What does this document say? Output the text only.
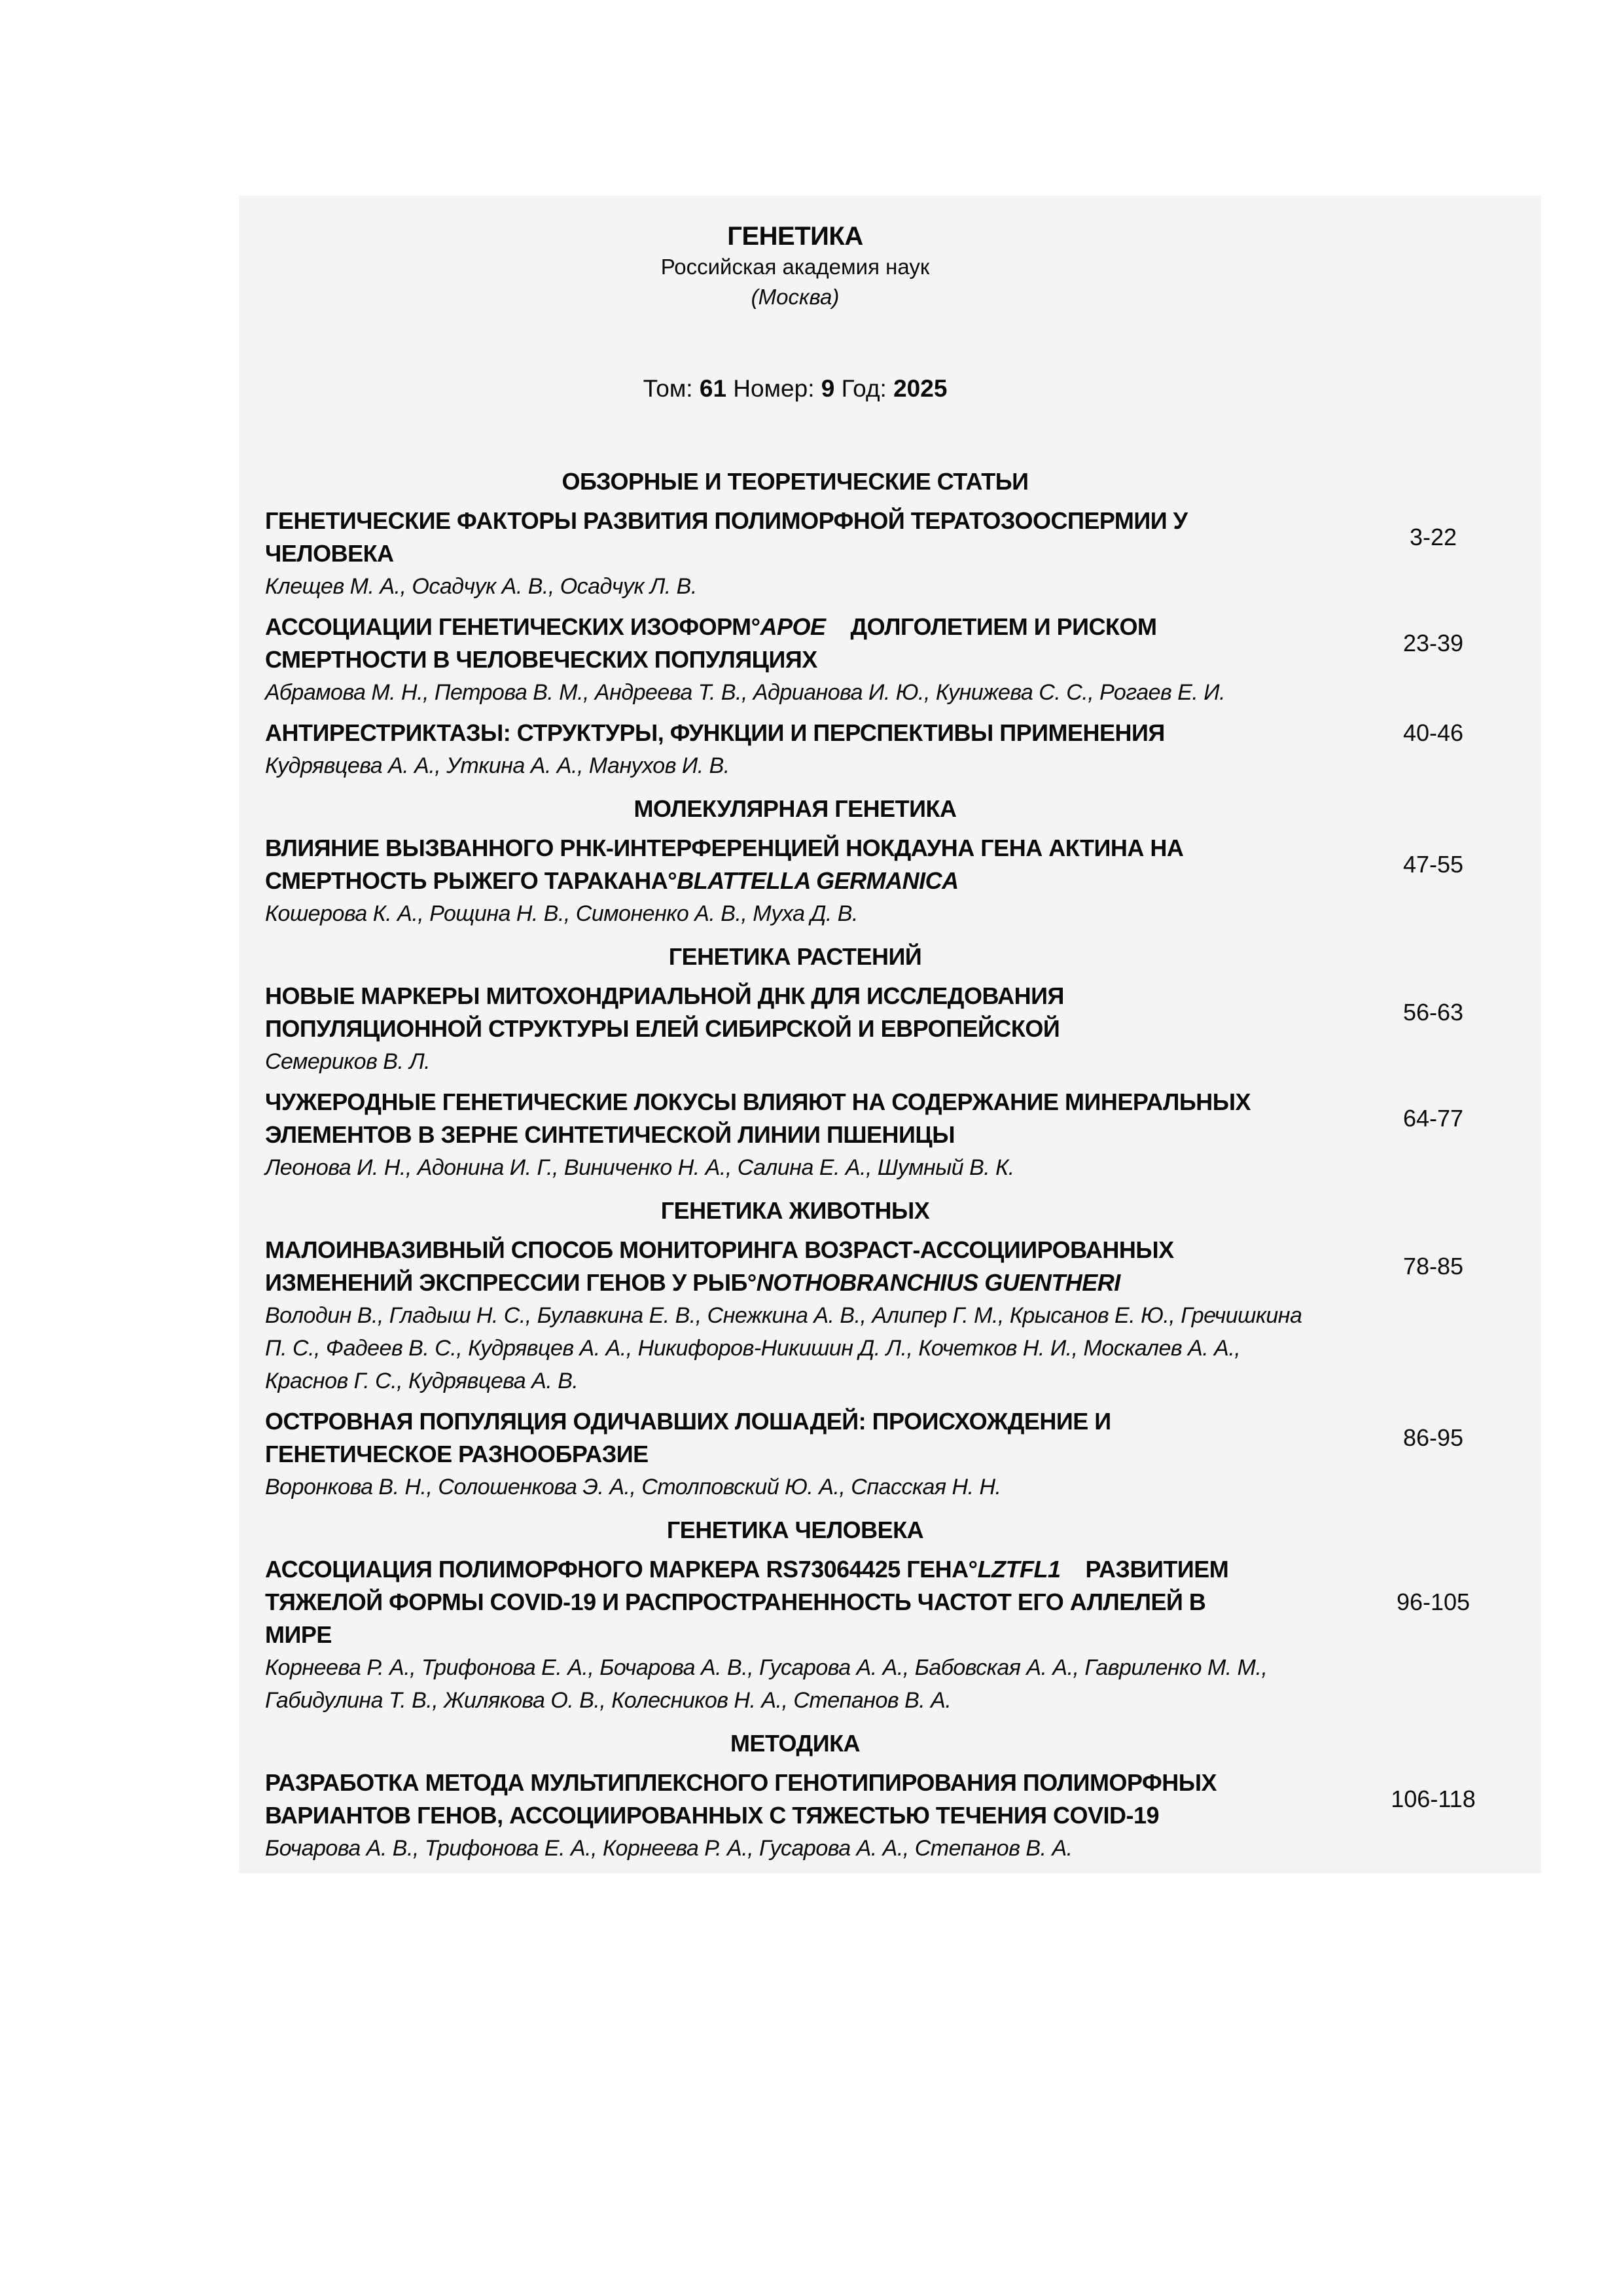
ГЕНЕТИКА
Российская академия наук
(Москва)
Том: 61 Номер: 9 Год: 2025
ОБЗОРНЫЕ И ТЕОРЕТИЧЕСКИЕ СТАТЬИ
ГЕНЕТИЧЕСКИЕ ФАКТОРЫ РАЗВИТИЯ ПОЛИМОРФНОЙ ТЕРАТОЗООСПЕРМИИ У
ЧЕЛОВЕКА
3-22
Клещев М. А., Осадчук А. В., Осадчук Л. В.
АССОЦИАЦИИ ГЕНЕТИЧЕСКИХ ИЗОФОРМ°APOE    ДОЛГОЛЕТИЕМ И РИСКОМ
СМЕРТНОСТИ В ЧЕЛОВЕЧЕСКИХ ПОПУЛЯЦИЯХ
23-39
Абрамова М. Н., Петрова В. М., Андреева Т. В., Адрианова И. Ю., Кунижева С. С., Рогаев Е. И.
АНТИРЕСТРИКТАЗЫ: СТРУКТУРЫ, ФУНКЦИИ И ПЕРСПЕКТИВЫ ПРИМЕНЕНИЯ	40-46
Кудрявцева А. А., Уткина А. А., Манухов И. В.
МОЛЕКУЛЯРНАЯ ГЕНЕТИКА
ВЛИЯНИЕ ВЫЗВАННОГО РНК-ИНТЕРФЕРЕНЦИЕЙ НОКДАУНА ГЕНА АКТИНА НА
СМЕРТНОСТЬ РЫЖЕГО ТАРАКАНА°BLATTELLA GERMANICA
47-55
Кошерова К. А., Рощина Н. В., Симоненко А. В., Муха Д. В.
ГЕНЕТИКА РАСТЕНИЙ
НОВЫЕ МАРКЕРЫ МИТОХОНДРИАЛЬНОЙ ДНК ДЛЯ ИССЛЕДОВАНИЯ
ПОПУЛЯЦИОННОЙ СТРУКТУРЫ ЕЛЕЙ СИБИРСКОЙ И ЕВРОПЕЙСКОЙ
56-63
Семериков В. Л.
ЧУЖЕРОДНЫЕ ГЕНЕТИЧЕСКИЕ ЛОКУСЫ ВЛИЯЮТ НА СОДЕРЖАНИЕ МИНЕРАЛЬНЫХ
ЭЛЕМЕНТОВ В ЗЕРНЕ СИНТЕТИЧЕСКОЙ ЛИНИИ ПШЕНИЦЫ
64-77
Леонова И. Н., Адонина И. Г., Виниченко Н. А., Салина Е. А., Шумный В. К.
ГЕНЕТИКА ЖИВОТНЫХ
МАЛОИНВАЗИВНЫЙ СПОСОБ МОНИТОРИНГА ВОЗРАСТ-АССОЦИИРОВАННЫХ
ИЗМЕНЕНИЙ ЭКСПРЕССИИ ГЕНОВ У РЫБ°NOTHOBRANCHIUS GUENTHERI
78-85
Володин В., Гладыш Н. С., Булавкина Е. В., Снежкина А. В., Алипер Г. М., Крысанов Е. Ю., Гречишкина П. С., Фадеев В. С., Кудрявцев А. А., Никифоров-Никишин Д. Л., Кочетков Н. И., Москалев А. А., Краснов Г. С., Кудрявцева А. В.
ОСТРОВНАЯ ПОПУЛЯЦИЯ ОДИЧАВШИХ ЛОШАДЕЙ: ПРОИСХОЖДЕНИЕ И
ГЕНЕТИЧЕСКОЕ РАЗНООБРАЗИЕ
86-95
Воронкова В. Н., Солошенкова Э. А., Столповский Ю. А., Спасская Н. Н.
ГЕНЕТИКА ЧЕЛОВЕКА
АССОЦИАЦИЯ ПОЛИМОРФНОГО МАРКЕРА RS73064425 ГЕНА°LZTFL1    РАЗВИТИЕМ
ТЯЖЕЛОЙ ФОРМЫ COVID-19 И РАСПРОСТРАНЕННОСТЬ ЧАСТОТ ЕГО АЛЛЕЛЕЙ В
МИРЕ
96-105
Корнеева Р. А., Трифонова Е. А., Бочарова А. В., Гусарова А. А., Бабовская А. А., Гавриленко М. М., Габидулина Т. В., Жилякова О. В., Колесников Н. А., Степанов В. А.
МЕТОДИКА
РАЗРАБОТКА МЕТОДА МУЛЬТИПЛЕКСНОГО ГЕНОТИПИРОВАНИЯ ПОЛИМОРФНЫХ
ВАРИАНТОВ ГЕНОВ, АССОЦИИРОВАННЫХ С ТЯЖЕСТЬЮ ТЕЧЕНИЯ COVID-19
106-118
Бочарова А. В., Трифонова Е. А., Корнеева Р. А., Гусарова А. А., Степанов В. А.
